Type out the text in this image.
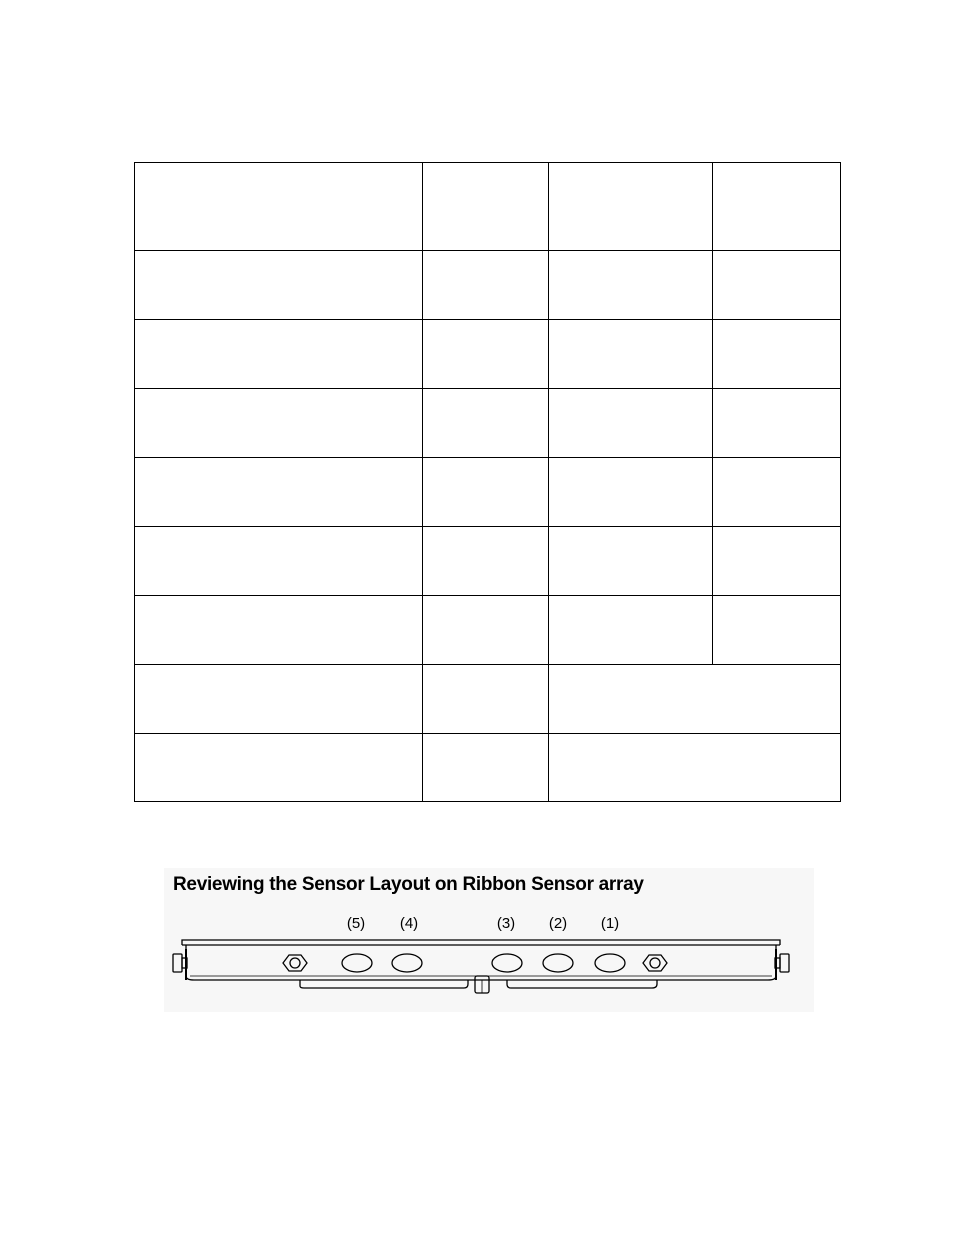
Reviewing the Sensor Layout on Ribbon Sensor array
(5) (4)	(3) (2) (1)
